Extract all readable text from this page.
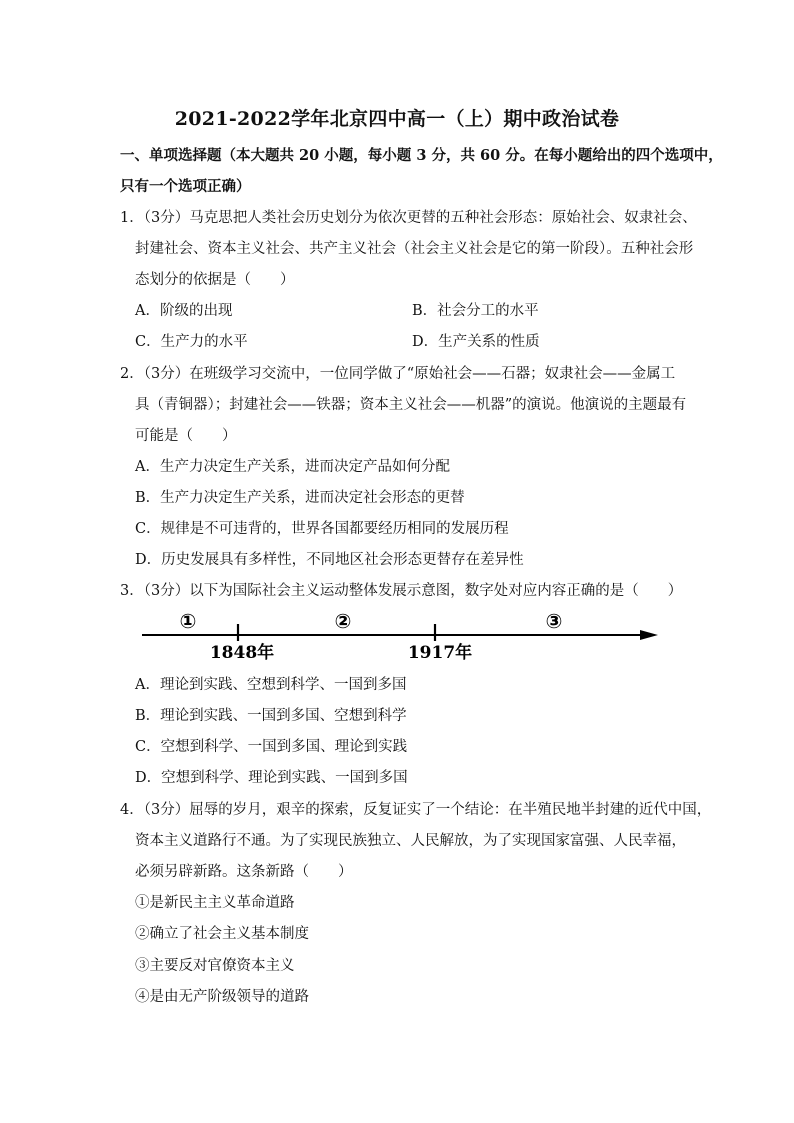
2021-2022学年北京四中高一（上）期中政治试卷
一、单项选择题（本大题共 20 小题，每小题 3 分，共 60 分。在每小题给出的四个选项中，
只有一个选项正确）
1．（3分）马克思把人类社会历史划分为依次更替的五种社会形态：原始社会、奴隶社会、
封建社会、资本主义社会、共产主义社会（社会主义社会是它的第一阶段）。五种社会形
态划分的依据是（　　）
A．阶级的出现	B．社会分工的水平
C．生产力的水平	D．生产关系的性质
2．（3分）在班级学习交流中，一位同学做了“原始社会——石器；奴隶社会——金属工
具（青铜器）；封建社会——铁器；资本主义社会——机器”的演说。他演说的主题最有
可能是（　　）
A．生产力决定生产关系，进而决定产品如何分配
B．生产力决定生产关系，进而决定社会形态的更替
C．规律是不可违背的，世界各国都要经历相同的发展历程
D．历史发展具有多样性，不同地区社会形态更替存在差异性
3．（3分）以下为国际社会主义运动整体发展示意图，数字处对应内容正确的是（　　）
①	②	③
1848年	1917年
A．理论到实践、空想到科学、一国到多国
B．理论到实践、一国到多国、空想到科学
C．空想到科学、一国到多国、理论到实践
D．空想到科学、理论到实践、一国到多国
4．（3分）屈辱的岁月，艰辛的探索，反复证实了一个结论：在半殖民地半封建的近代中国，
资本主义道路行不通。为了实现民族独立、人民解放，为了实现国家富强、人民幸福，
必须另辟新路。这条新路（　　）
①是新民主主义革命道路
②确立了社会主义基本制度
③主要反对官僚资本主义
④是由无产阶级领导的道路
